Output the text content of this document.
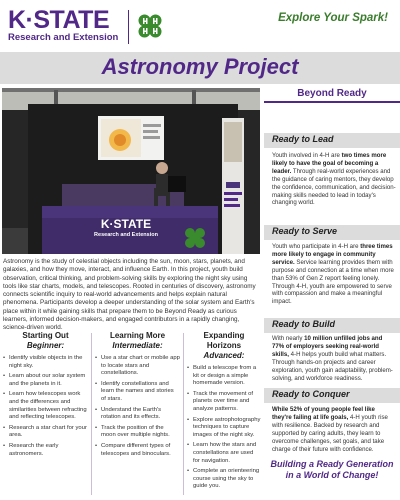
K·STATE
Research and Extension
Explore Your Spark!
Astronomy Project
K·STATE
Research and Extension
Astronomy is the study of celestial objects including the sun, moon, stars, planets, and galaxies, and how they move, interact, and influence Earth. In this project, youth build observation, critical thinking, and problem-solving skills by exploring the night sky using tools like star charts, models, and telescopes. Rooted in centuries of discovery, astronomy connects scientific inquiry to real-world advancements and helps explain natural phenomena. Participants develop a deeper understanding of the solar system and Earth's place within it while gaining skills that prepare them to be Beyond Ready as curious learners, informed decision-makers, and engaged contributors in a rapidly changing, science-driven world.
Starting Out
Beginner:
• Identify visible objects in the night sky.
• Learn about our solar system and the planets in it.
• Learn how telescopes work and the differences and similarities between refracting and reflecting telescopes.
• Research a star chart for your area.
• Research the early astronomers.
Learning More
Intermediate:
• Use a star chart or mobile app to locate stars and constellations.
• Identify constellations and learn the names and stories of stars.
• Understand the Earth's rotation and its effects.
• Track the position of the moon over multiple nights.
• Compare different types of telescopes and binoculars.
Expanding Horizons
Advanced:
• Build a telescope from a kit or design a simple homemade version.
• Track the movement of planets over time and analyze patterns.
• Explore astrophotography techniques to capture images of the night sky.
• Learn how the stars and constellations are used for navigation.
• Complete an orienteering course using the sky to guide you.
Beyond Ready
Ready to Lead
Youth involved in 4-H are two times more likely to have the goal of becoming a leader. Through real-world experiences and the guidance of caring mentors, they develop the confidence, communication, and decision-making skills needed to lead in today's changing world.
Ready to Serve
Youth who participate in 4-H are three times more likely to engage in community service. Service learning provides them with purpose and connection at a time when more than 53% of Gen Z report feeling lonely. Through 4-H, youth are empowered to serve with compassion and make a meaningful impact.
Ready to Build
With nearly 10 million unfilled jobs and 77% of employers seeking real-world skills, 4-H helps youth build what matters. Through hands-on projects and career exploration, youth gain adaptability, problem-solving, and workforce readiness.
Ready to Conquer
While 52% of young people feel like they're failing at life goals, 4-H youth rise with resilience. Backed by research and supported by caring adults, they learn to overcome challenges, set goals, and take charge of their future with confidence.
Building a Ready Generation in a World of Change!
